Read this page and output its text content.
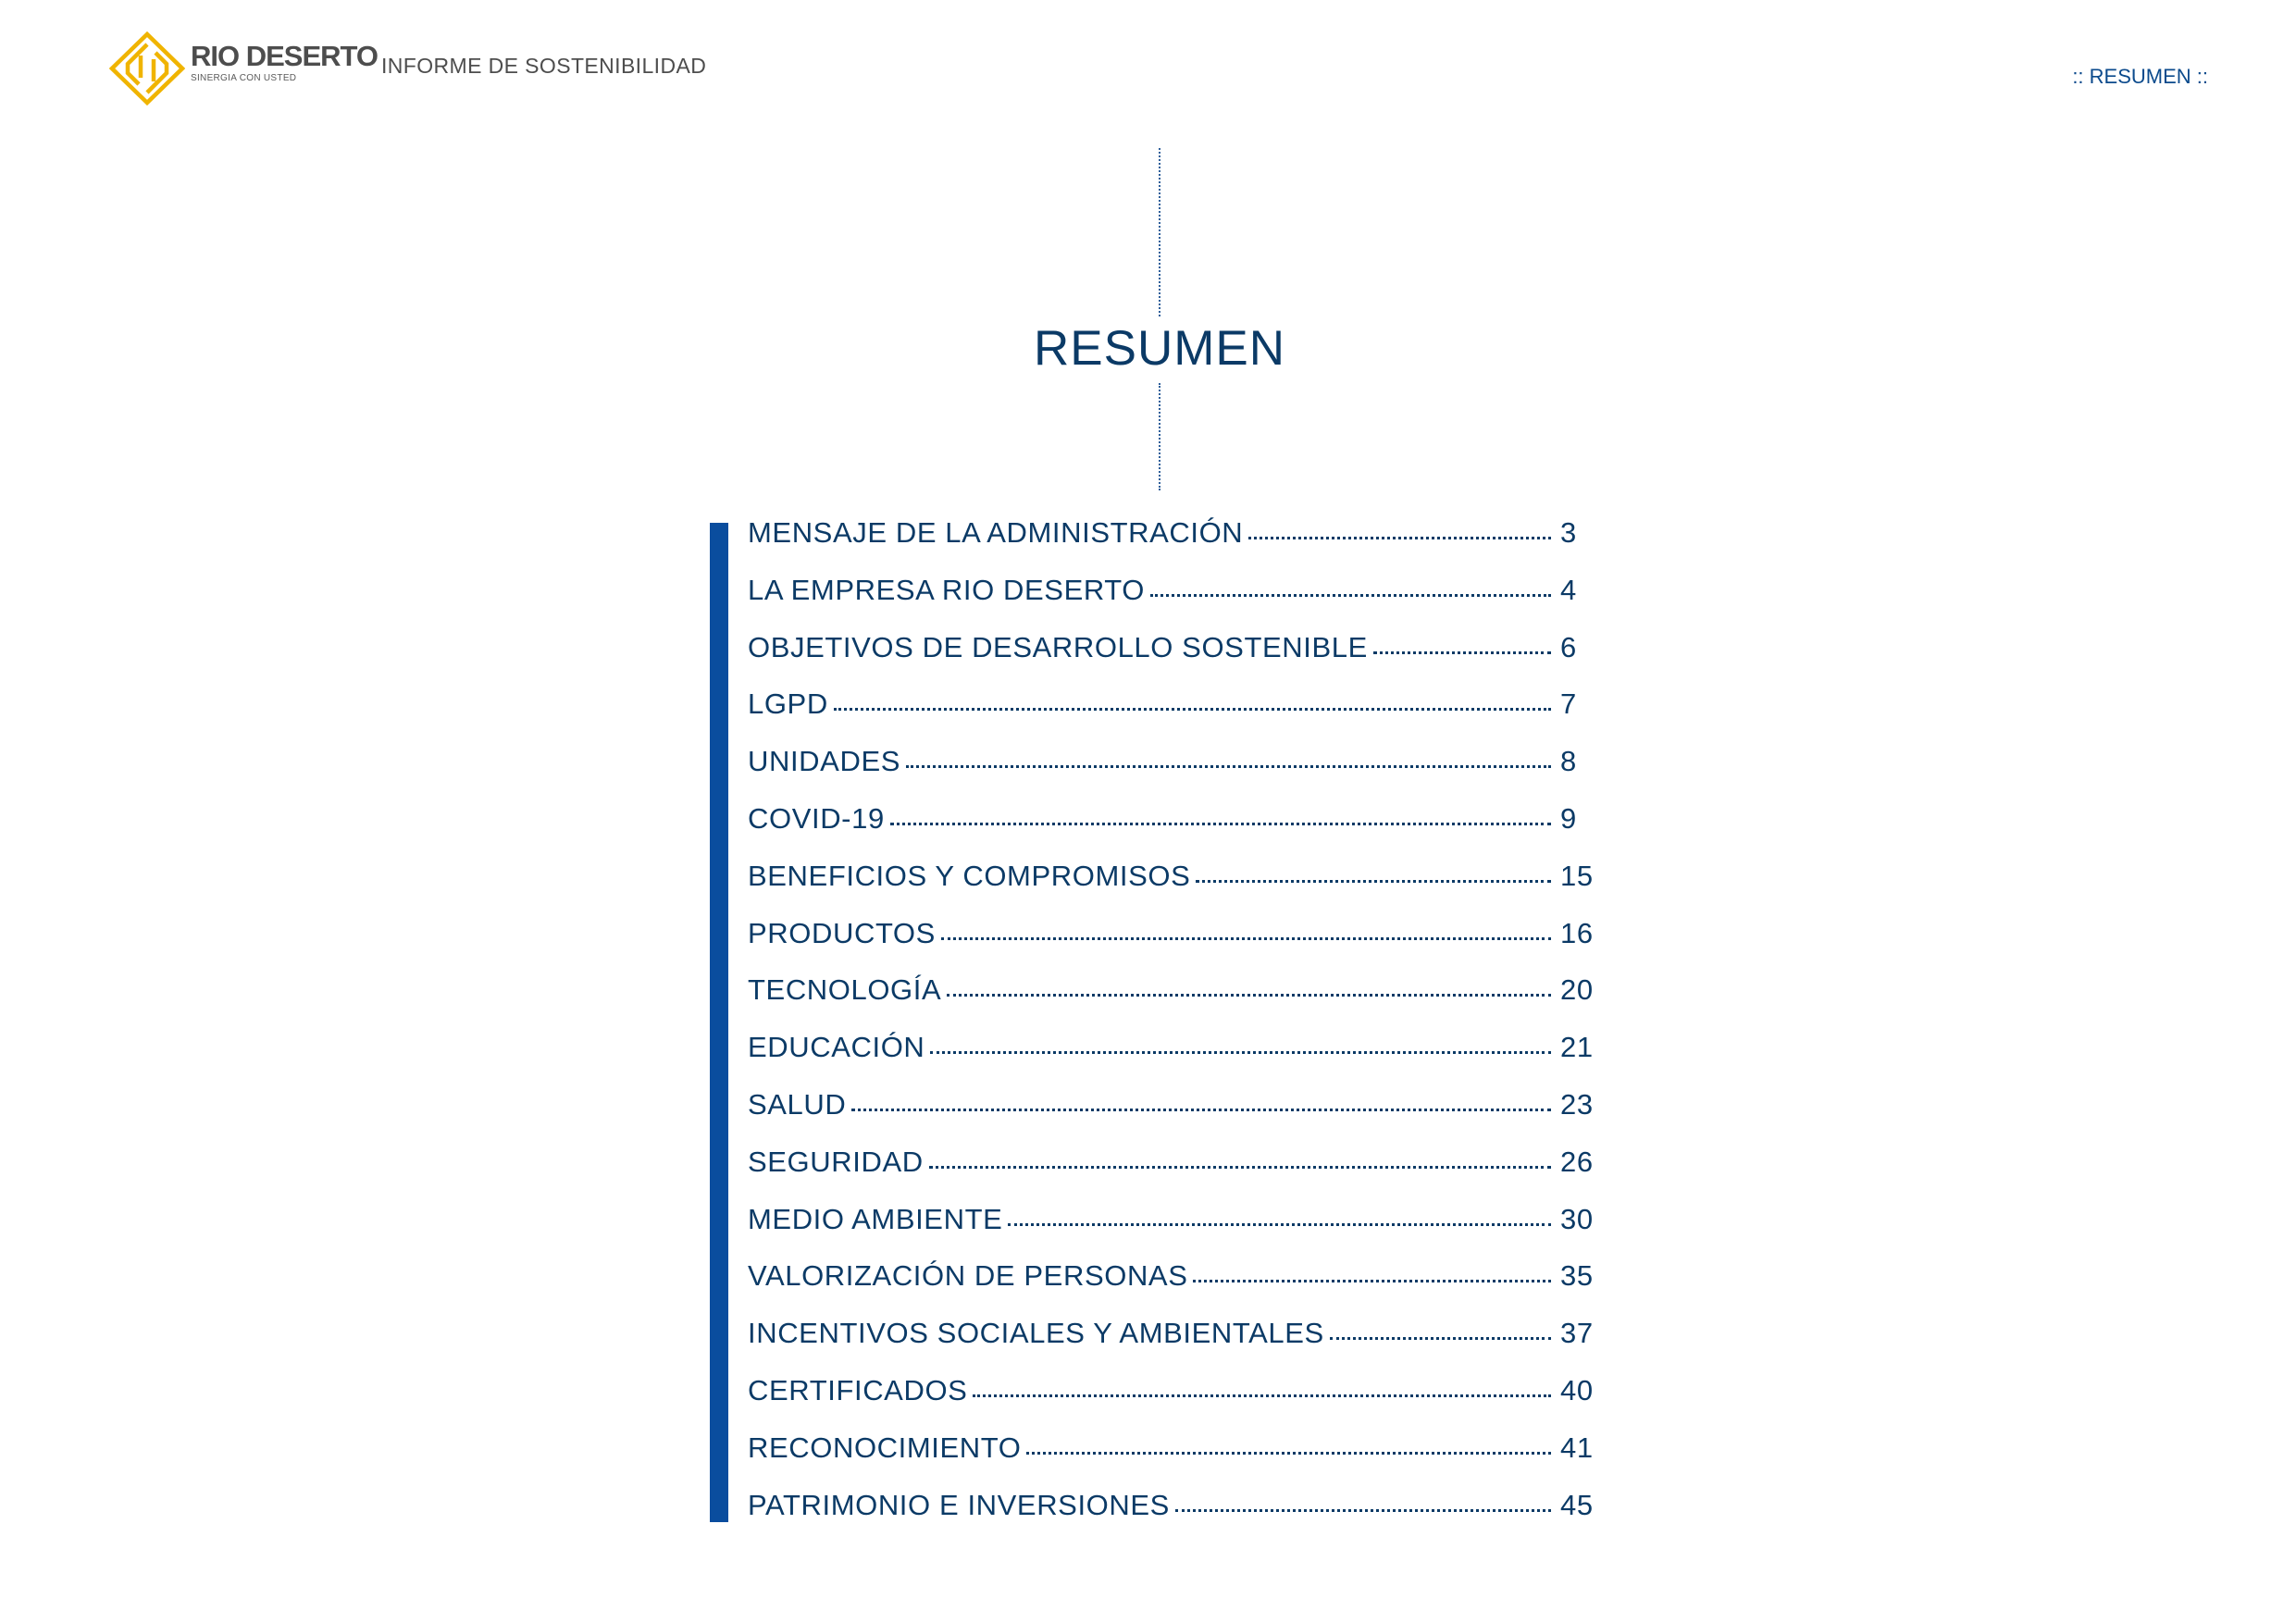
RIO DESERTO
SINERGIA CON USTED
INFORME DE SOSTENIBILIDAD	:: RESUMEN ::
RESUMEN
MENSAJE DE LA ADMINISTRACIÓN	3
LA EMPRESA RIO DESERTO	4
OBJETIVOS DE DESARROLLO SOSTENIBLE	6
LGPD	7
UNIDADES	8
COVID-19	9
BENEFICIOS Y COMPROMISOS	15
PRODUCTOS	16
TECNOLOGÍA	20
EDUCACIÓN	21
SALUD	23
SEGURIDAD	26
MEDIO AMBIENTE	30
VALORIZACIÓN DE PERSONAS	35
INCENTIVOS SOCIALES Y AMBIENTALES	37
CERTIFICADOS	40
RECONOCIMIENTO	41
PATRIMONIO E INVERSIONES	45
